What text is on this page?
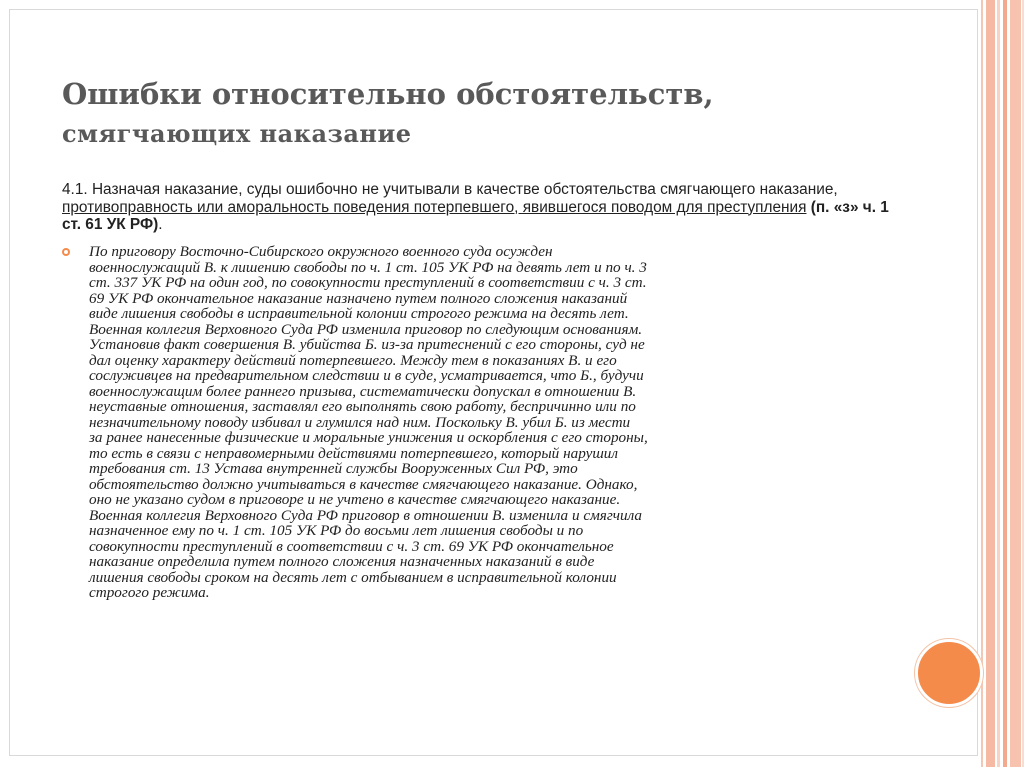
Ошибки относительно обстоятельств,
смягчающих наказание
4.1. Назначая наказание, суды ошибочно не учитывали в качестве обстоятельства смягчающего наказание, противоправность или аморальность поведения потерпевшего, явившегося поводом для преступления (п. «з» ч. 1 ст. 61 УК РФ).
По приговору Восточно-Сибирского окружного военного суда осужден
военнослужащий В. к лишению свободы по ч. 1 ст. 105 УК РФ на девять лет и по ч. 3
ст. 337 УК РФ на один год, по совокупности преступлений в соответствии с ч. 3 ст.
69 УК РФ окончательное наказание назначено путем полного сложения наказаний
виде лишения свободы в исправительной колонии строгого режима на десять лет.
Военная коллегия Верховного Суда РФ изменила приговор по следующим основаниям.
Установив факт совершения В. убийства Б. из-за притеснений с его стороны, суд не
дал оценку характеру действий потерпевшего. Между тем в показаниях В. и его
сослуживцев на предварительном следствии и в суде, усматривается, что Б., будучи
военнослужащим более раннего призыва, систематически допускал в отношении В.
неуставные отношения, заставлял его выполнять свою работу, беспричинно или по
незначительному поводу избивал и глумился над ним. Поскольку В. убил Б. из мести
за ранее нанесенные физические и моральные унижения и оскорбления с его стороны,
то есть в связи с неправомерными действиями потерпевшего, который нарушил
требования ст. 13 Устава внутренней службы Вооруженных Сил РФ, это
обстоятельство должно учитываться в качестве смягчающего наказание. Однако,
оно не указано судом в приговоре и не учтено в качестве смягчающего наказание.
Военная коллегия Верховного Суда РФ приговор в отношении В. изменила и смягчила
назначенное ему по ч. 1 ст. 105 УК РФ до восьми лет лишения свободы и по
совокупности преступлений в соответствии с ч. 3 ст. 69 УК РФ окончательное
наказание определила путем полного сложения назначенных наказаний в виде
лишения свободы сроком на десять лет с отбыванием в исправительной колонии
строгого режима.
